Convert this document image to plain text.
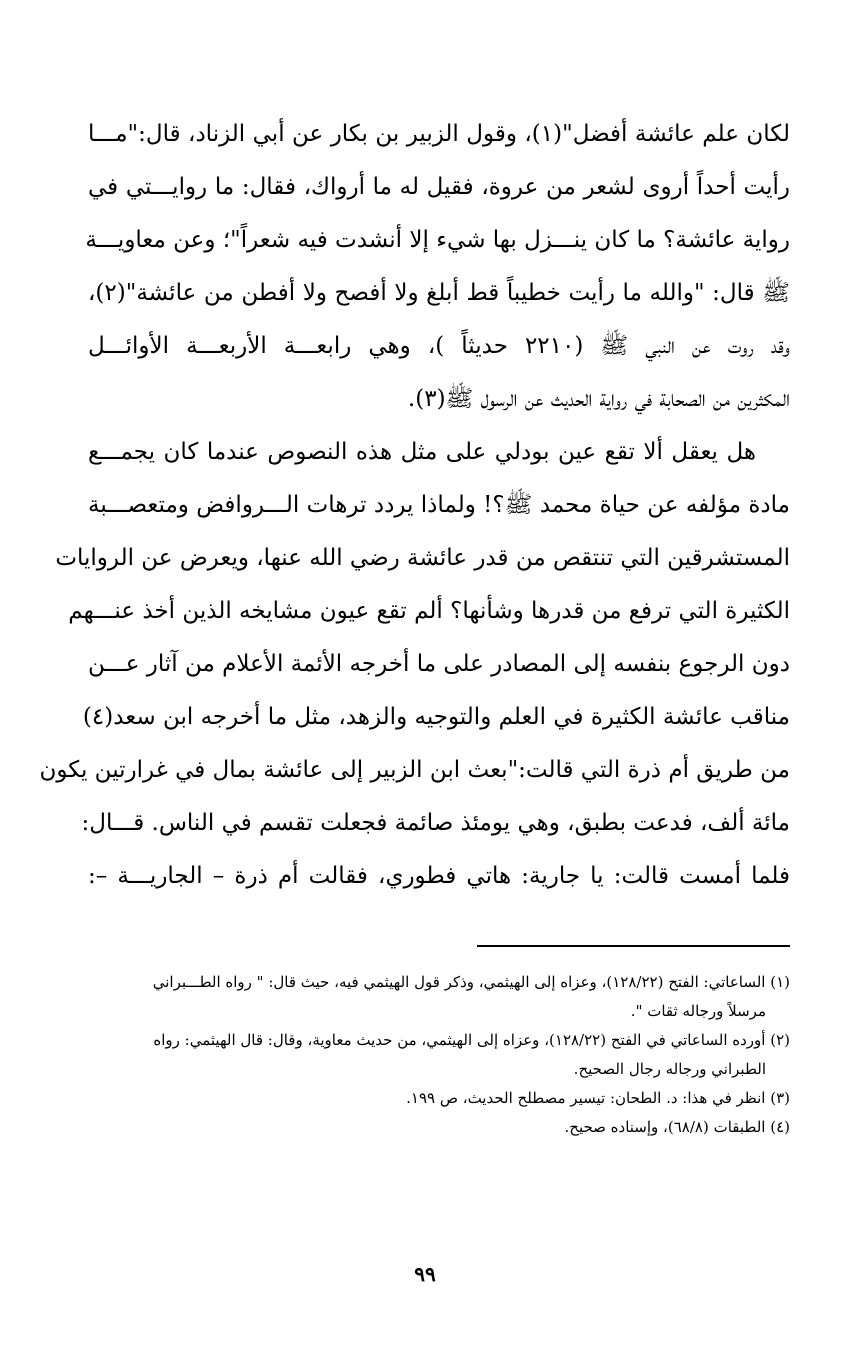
لكان علم عائشة أفضل"(١)، وقول الزبير بن بكار عن أبي الزناد، قال:"مـــا

رأيت أحداً أروى لشعر من عروة، فقيل له ما أرواك، فقال: ما روايـــتي في

رواية عائشة؟ ما كان ينـــزل بها شيء إلا أنشدت فيه شعراً"؛ وعن معاويـــة

ﷺ قال: "والله ما رأيت خطيباً قط أبلغ ولا أفصح ولا أفطن من عائشة"(٢)،

وقد روت عن النبي ﷺ (٢٢١٠ حديثاً )، وهي رابعـــة الأربعـــة الأوائـــل

المكثرين من الصحابة في رواية الحديث عن الرسول ﷺ(٣).

هل يعقل ألا تقع عين بودلي على مثل هذه النصوص عندما كان يجمـــع

مادة مؤلفه عن حياة محمد ﷺ؟! ولماذا يردد ترهات الـــروافض ومتعصـــبة

المستشرقين التي تنتقص من قدر عائشة رضي الله عنها، ويعرض عن الروايات

الكثيرة التي ترفع من قدرها وشأنها؟ ألم تقع عيون مشايخه الذين أخذ عنـــهم

دون الرجوع بنفسه إلى المصادر على ما أخرجه الأئمة الأعلام من آثار عـــن

مناقب عائشة الكثيرة في العلم والتوجيه والزهد، مثل ما أخرجه ابن سعد(٤)

من طريق أم ذرة التي قالت:"بعث ابن الزبير إلى عائشة بمال في غرارتين يكون

مائة ألف، فدعت بطبق، وهي يومئذ صائمة فجعلت تقسم في الناس. قـــال:

فلما أمست قالت: يا جارية: هاتي فطوري، فقالت أم ذرة – الجاريـــة –:

(١) الساعاتي: الفتح (١٢٨/٢٢)، وعزاه إلى الهيثمي، وذكر قول الهيثمي فيه، حيث قال: " رواه الطـــبراني

مرسلاً ورجاله ثقات ".

(٢) أورده الساعاتي في الفتح (١٢٨/٢٢)، وعزاه إلى الهيثمي، من حديث معاوية، وقال: قال الهيثمي: رواه

الطبراني ورجاله رجال الصحيح.

(٣) انظر في هذا: د. الطحان: تيسير مصطلح الحديث، ص ١٩٩.

(٤) الطبقات (٦٨/٨)، وإسناده صحيح.

٩٩
